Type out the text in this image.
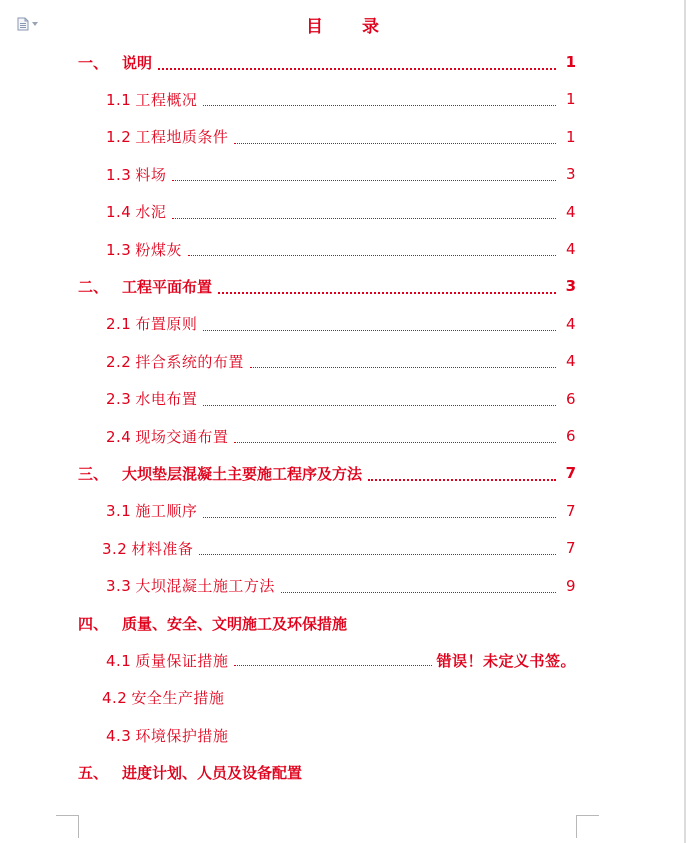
目 录
一、 说明	1
1.1 工程概况	1
1.2 工程地质条件	1
1.3 料场	3
1.4 水泥	4
1.3 粉煤灰	4
二、 工程平面布置	3
2.1 布置原则	4
2.2 拌合系统的布置	4
2.3 水电布置	6
2.4 现场交通布置	6
三、 大坝垫层混凝土主要施工程序及方法	7
3.1 施工顺序	7
3.2 材料准备	7
3.3 大坝混凝土施工方法	9
四、 质量、安全、文明施工及环保措施
4.1 质量保证措施	错误！未定义书签。
4.2 安全生产措施
4.3 环境保护措施
五、 进度计划、人员及设备配置
